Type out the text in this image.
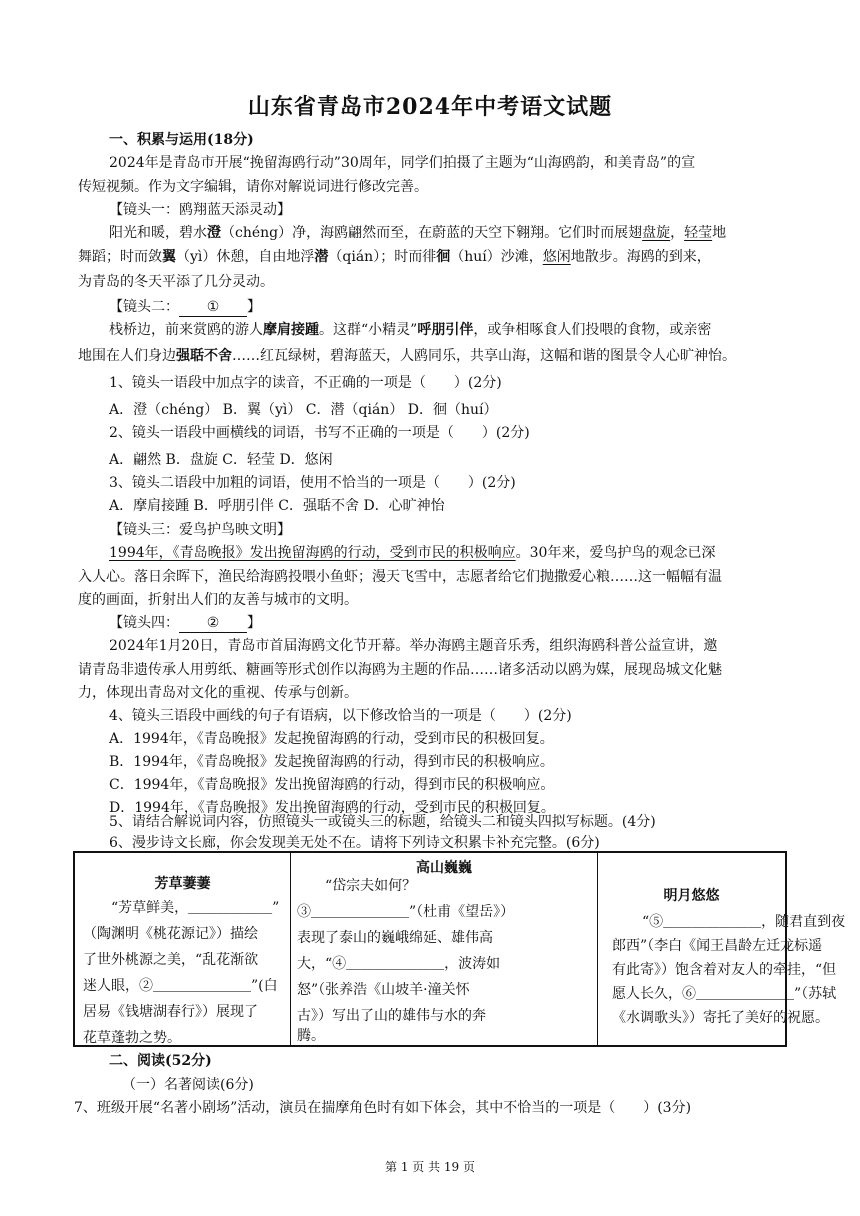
山东省青岛市2024年中考语文试题
一、积累与运用(18分)
2024年是青岛市开展“挽留海鸥行动”30周年，同学们拍摄了主题为“山海鸥韵，和美青岛”的宣
传短视频。作为文字编辑，请你对解说词进行修改完善。
【镜头一：鸥翔蓝天添灵动】
阳光和暖，碧水澄（chéng）净，海鸥翩然而至，在蔚蓝的天空下翱翔。它们时而展翅盘旋，轻莹地
舞蹈；时而敛翼（yì）休憩，自由地浮潜（qián）；时而徘徊（huí）沙滩，悠闲地散步。海鸥的到来，
为青岛的冬天平添了几分灵动。
【镜头二： ① 】
栈桥边，前来赏鸥的游人摩肩接踵。这群“小精灵”呼朋引伴，或争相啄食人们投喂的食物，或亲密
地围在人们身边强聒不舍……红瓦绿树，碧海蓝天，人鸥同乐，共享山海，这幅和谐的图景令人心旷神怡。
1、镜头一语段中加点字的读音，不正确的一项是（　　）(2分)
A．澄（chéng） B．翼（yì） C．潜（qián） D．徊（huí）
2、镜头一语段中画横线的词语，书写不正确的一项是（　　）(2分)
A．翩然 B．盘旋 C．轻莹 D．悠闲
3、镜头二语段中加粗的词语，使用不恰当的一项是（　　）(2分)
A．摩肩接踵 B．呼朋引伴 C．强聒不舍 D．心旷神怡
【镜头三：爱鸟护鸟映文明】
1994年，《青岛晚报》发出挽留海鸥的行动，受到市民的积极响应。30年来，爱鸟护鸟的观念已深
入人心。落日余晖下，渔民给海鸥投喂小鱼虾；漫天飞雪中，志愿者给它们抛撒爱心粮……这一幅幅有温
度的画面，折射出人们的友善与城市的文明。
【镜头四： ② 】
2024年1月20日，青岛市首届海鸥文化节开幕。举办海鸥主题音乐秀，组织海鸥科普公益宣讲，邀
请青岛非遗传承人用剪纸、糖画等形式创作以海鸥为主题的作品……诸多活动以鸥为媒，展现岛城文化魅
力，体现出青岛对文化的重视、传承与创新。
4、镜头三语段中画线的句子有语病，以下修改恰当的一项是（　　）(2分)
A．1994年，《青岛晚报》发起挽留海鸥的行动，受到市民的积极回复。
B．1994年，《青岛晚报》发起挽留海鸥的行动，得到市民的积极响应。
C．1994年，《青岛晚报》发出挽留海鸥的行动，得到市民的积极响应。
D．1994年，《青岛晚报》发出挽留海鸥的行动，受到市民的积极回复。
5、请结合解说词内容，仿照镜头一或镜头三的标题，给镜头二和镜头四拟写标题。(4分)
6、漫步诗文长廊，你会发现美无处不在。请将下列诗文积累卡补充完整。(6分)
芳草萋萋
“芳草鲜美，＿＿＿＿＿＿”
（陶渊明《桃花源记》）描绘
了世外桃源之美，“乱花渐欲
迷人眼，②＿＿＿＿＿＿＿”(白
居易《钱塘湖春行》）展现了
花草蓬勃之势。
高山巍巍
“岱宗夫如何？
③＿＿＿＿＿＿＿”（杜甫《望岳》）
表现了泰山的巍峨绵延、雄伟高
大，“④＿＿＿＿＿＿＿，波涛如
怒”（张养浩《山坡羊·潼关怀
古》）写出了山的雄伟与水的奔
腾。
明月悠悠
“⑤＿＿＿＿＿＿＿，随君直到夜
郎西”（李白《闻王昌龄左迁龙标遥
有此寄》）饱含着对友人的牵挂，“但
愿人长久，⑥＿＿＿＿＿＿＿”（苏轼
《水调歌头》）寄托了美好的祝愿。
二、阅读(52分)
（一）名著阅读(6分)
7、班级开展“名著小剧场”活动，演员在揣摩角色时有如下体会，其中不恰当的一项是（　　）(3分)
第 1 页 共 19 页
